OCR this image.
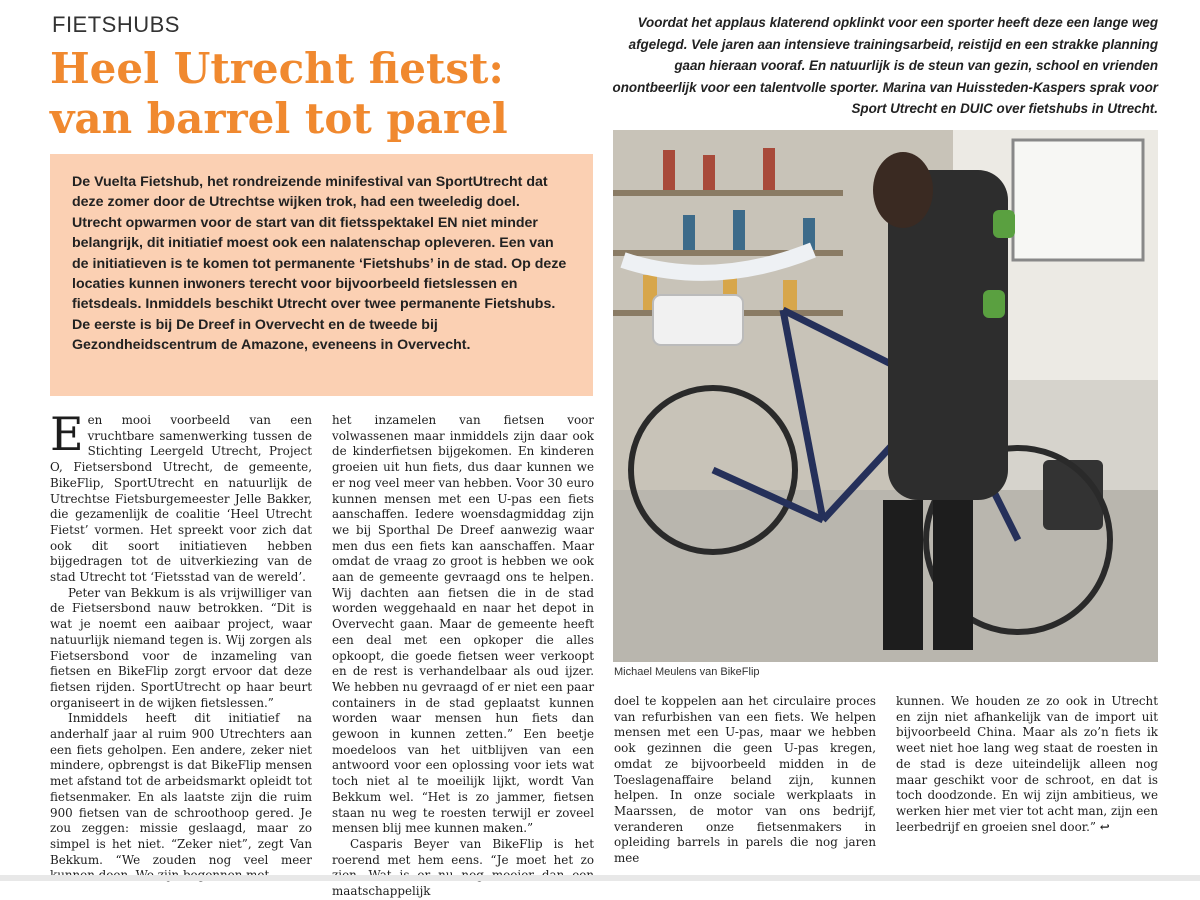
FIETSHUBS
Heel Utrecht fietst:
van barrel tot parel
Voordat het applaus klaterend opklinkt voor een sporter heeft deze een lange weg afgelegd. Vele jaren aan intensieve trainingsarbeid, reistijd en een strakke planning gaan hieraan vooraf. En natuurlijk is de steun van gezin, school en vrienden onontbeerlijk voor een talentvolle sporter. Marina van Huissteden-Kaspers sprak voor Sport Utrecht en DUIC over fietshubs in Utrecht.
De Vuelta Fietshub, het rondreizende minifestival van SportUtrecht dat deze zomer door de Utrechtse wijken trok, had een tweeledig doel. Utrecht opwarmen voor de start van dit fietsspektakel EN niet minder belangrijk, dit initiatief moest ook een nalatenschap opleveren. Een van de initiatieven is te komen tot permanente ‘Fietshubs’ in de stad. Op deze locaties kunnen inwoners terecht voor bijvoorbeeld fietslessen en fietsdeals. Inmiddels beschikt Utrecht over twee permanente Fietshubs. De eerste is bij De Dreef in Overvecht en de tweede bij Gezondheidscentrum de Amazone, eveneens in Overvecht.
Michael Meulens van BikeFlip

Een mooi voorbeeld van een vruchtbare samenwerking tussen de Stichting Leergeld Utrecht, Project O, Fietsersbond Utrecht, de gemeente, BikeFlip, SportUtrecht en natuurlijk de Utrechtse Fietsburgemeester Jelle Bakker, die gezamenlijk de coalitie ‘Heel Utrecht Fietst’ vormen. Het spreekt voor zich dat ook dit soort initiatieven hebben bijgedragen tot de uitverkiezing van de stad Utrecht tot ‘Fietsstad van de wereld’.

Peter van Bekkum is als vrijwilliger van de Fietsersbond nauw betrokken. “Dit is wat je noemt een aaibaar project, waar natuurlijk niemand tegen is. Wij zorgen als Fietsersbond voor de inzameling van fietsen en BikeFlip zorgt ervoor dat deze fietsen rijden. SportUtrecht op haar beurt organiseert in de wijken fietslessen.”

Inmiddels heeft dit initiatief na anderhalf jaar al ruim 900 Utrechters aan een fiets geholpen. Een andere, zeker niet mindere, opbrengst is dat BikeFlip mensen met afstand tot de arbeidsmarkt opleidt tot fietsenmaker. En als laatste zijn die ruim 900 fietsen van de schroothoop gered. Je zou zeggen: missie geslaagd, maar zo simpel is het niet. “Zeker niet”, zegt Van Bekkum. “We zouden nog veel meer

het inzamelen van fietsen voor volwassenen maar inmiddels zijn daar ook de kinderfietsen bijgekomen. En kinderen groeien uit hun fiets, dus daar kunnen we er nog veel meer van hebben. Voor 30 euro kunnen mensen met een U-pas een fiets aanschaffen. Iedere woensdagmiddag zijn we bij Sporthal De Dreef aanwezig waar men dus een fiets kan aanschaffen. Maar omdat de vraag zo groot is hebben we ook aan de gemeente gevraagd ons te helpen. Wij dachten aan fietsen die in de stad worden weggehaald en naar het depot in Overvecht gaan. Maar de gemeente heeft een deal met een opkoper die alles opkoopt, die goede fietsen weer verkoopt en de rest is verhandelbaar als oud ijzer. We hebben nu gevraagd of er niet een paar containers in de stad geplaatst kunnen worden waar mensen hun fiets dan gewoon in kunnen zetten.” Een beetje moedeloos van het uitblijven van een antwoord voor een oplossing voor iets wat toch niet al te moeilijk lijkt, wordt Van Bekkum wel. “Het is zo jammer, fietsen staan nu weg te roesten terwijl er zoveel mensen blij mee kunnen maken.”

Casparis Beyer van BikeFlip is het roerend met hem eens. “Je moet het zo maatschappelijk

doel te koppelen aan het circulaire proces van refurbishen van een fiets. We helpen mensen met een U-pas, maar we hebben ook gezinnen die geen U-pas kregen, omdat ze bijvoorbeeld midden in de Toeslagenaffaire beland zijn, kunnen helpen. In onze sociale werkplaats in Maarssen, de motor van ons bedrijf, veranderen onze fietsenmakers in opleiding barrels in parels die nog jaren mee

kunnen. We houden ze zo ook in Utrecht en zijn niet afhankelijk van de import uit bijvoorbeeld China. Maar als zo’n fiets ik weet niet hoe lang weg staat de roesten in de stad is deze uiteindelijk alleen nog maar geschikt voor de schroot, en dat is toch doodzonde. En wij zijn ambitieus, we werken hier met vier tot acht man, zijn een leerbedrijf en groeien snel door.” ↩
